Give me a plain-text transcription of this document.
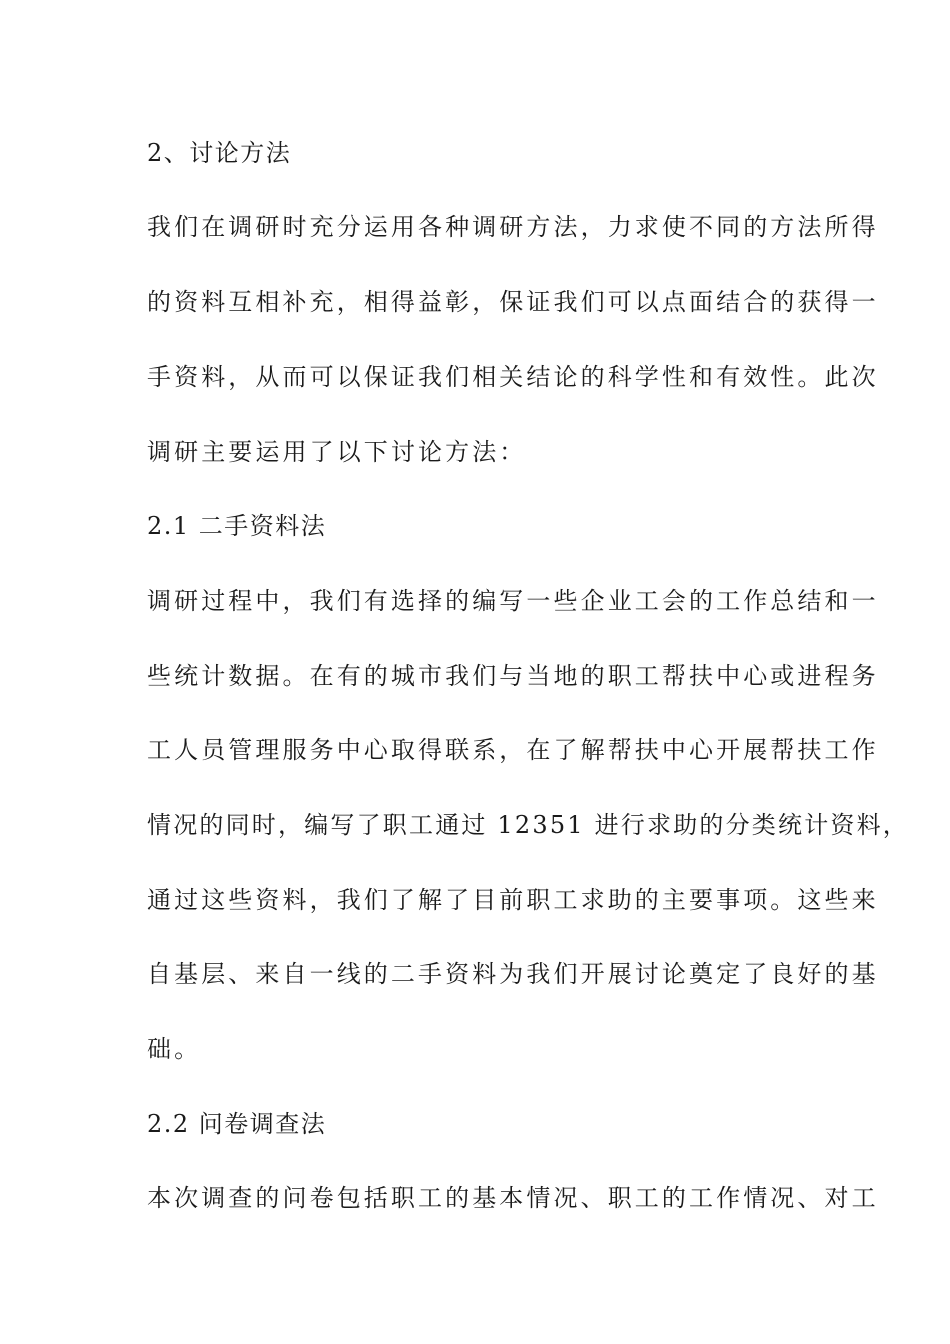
2、讨论方法
我们在调研时充分运用各种调研方法，力求使不同的方法所得
的资料互相补充，相得益彰，保证我们可以点面结合的获得一
手资料，从而可以保证我们相关结论的科学性和有效性。此次
调研主要运用了以下讨论方法：
2.1 二手资料法
调研过程中，我们有选择的编写一些企业工会的工作总结和一
些统计数据。在有的城市我们与当地的职工帮扶中心或进程务
工人员管理服务中心取得联系，在了解帮扶中心开展帮扶工作
情况的同时，编写了职工通过 12351 进行求助的分类统计资料，
通过这些资料，我们了解了目前职工求助的主要事项。这些来
自基层、来自一线的二手资料为我们开展讨论奠定了良好的基
础。
2.2 问卷调查法
本次调查的问卷包括职工的基本情况、职工的工作情况、对工
